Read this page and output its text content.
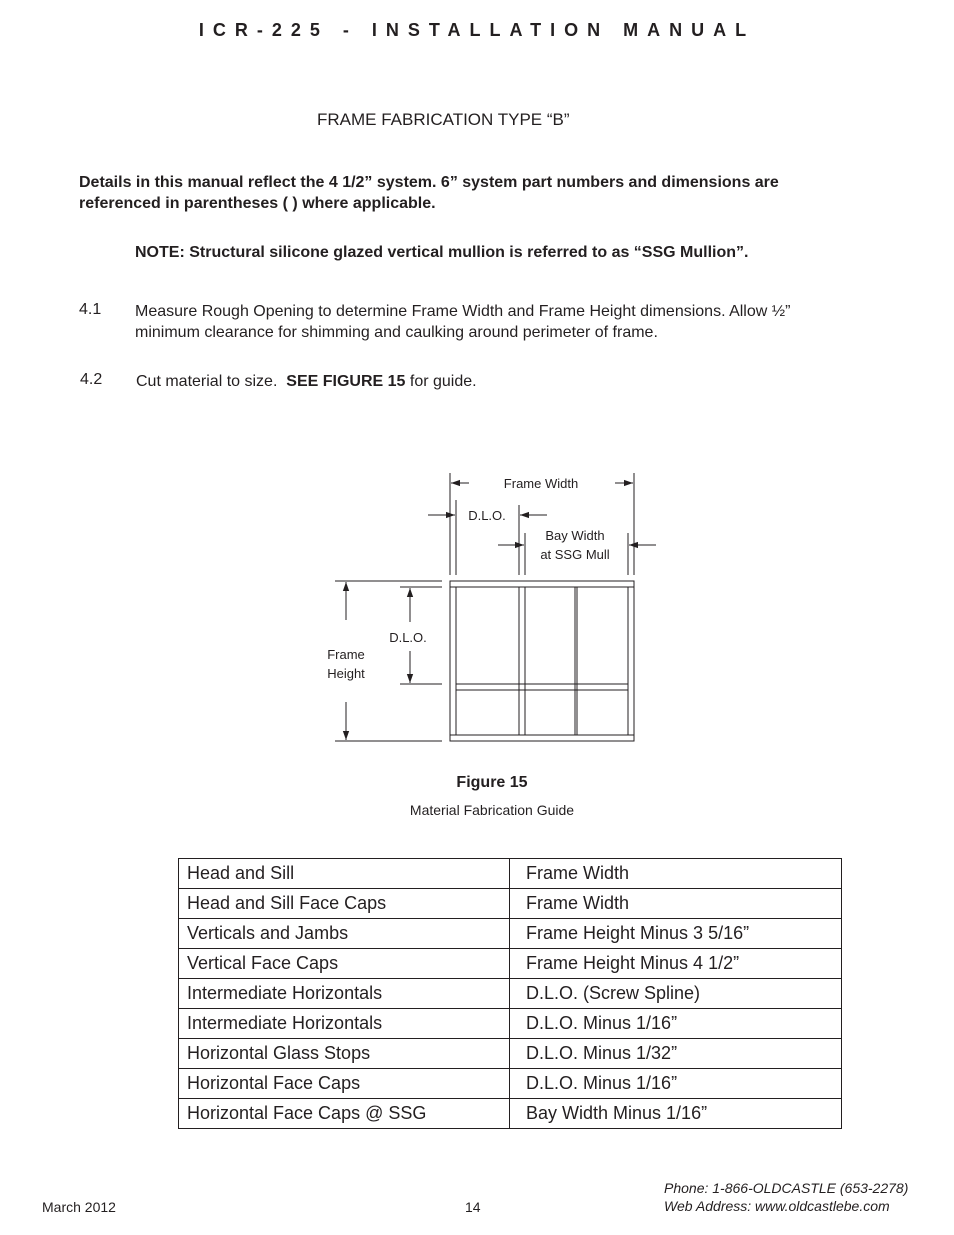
ICR-225 - INSTALLATION MANUAL
FRAME FABRICATION TYPE “B”
Details in this manual reflect the 4 1/2” system. 6” system part numbers and dimensions are
referenced in parentheses ( ) where applicable.
NOTE: Structural silicone glazed vertical mullion is referred to as “SSG Mullion”.
4.1 Measure Rough Opening to determine Frame Width and Frame Height dimensions. Allow ½”
minimum clearance for shimming and caulking around perimeter of frame.
4.2 Cut material to size.  SEE FIGURE 15 for guide.
Frame Width
D.L.O.
Bay Width
at SSG Mull
Frame
Height
D.L.O.
Figure 15
Material Fabrication Guide
Head and Sill	Frame Width
Head and Sill Face Caps	Frame Width
Verticals and Jambs	Frame Height Minus 3 5/16”
Vertical Face Caps	Frame Height Minus 4 1/2”
Intermediate Horizontals	D.L.O. (Screw Spline)
Intermediate Horizontals	D.L.O. Minus 1/16”
Horizontal Glass Stops	D.L.O. Minus 1/32”
Horizontal Face Caps	D.L.O. Minus 1/16”
Horizontal Face Caps @ SSG	Bay Width Minus 1/16”
March 2012	14
Phone: 1-866-OLDCASTLE (653-2278)
Web Address: www.oldcastlebe.com
